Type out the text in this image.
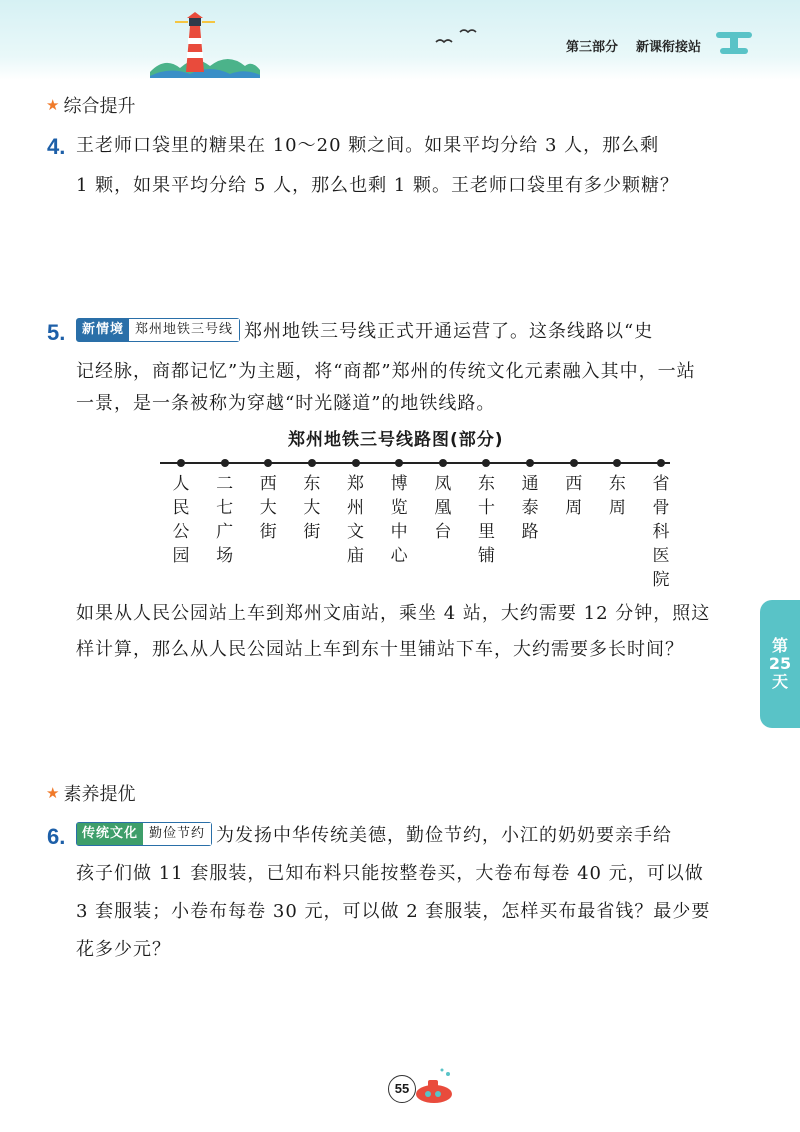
第三部分 新课衔接站
★ 综合提升
4. 王老师口袋里的糖果在 10～20 颗之间。如果平均分给 3 人，那么剩
1 颗，如果平均分给 5 人，那么也剩 1 颗。王老师口袋里有多少颗糖？
5.	新情境 郑州地铁三号线 郑州地铁三号线正式开通运营了。这条线路以“史
记经脉，商都记忆”为主题，将“商都”郑州的传统文化元素融入其中，一站
一景，是一条被称为穿越“时光隧道”的地铁线路。
郑州地铁三号线路图(部分)
人
民
公
园
二
七
广
场
西
大
街
东
大
街
郑
州
文
庙
博
览
中
心
凤
凰
台
东
十
里
铺
通
泰
路
西
周
东
周
省
骨
科
医
院
如果从人民公园站上车到郑州文庙站，乘坐 4 站，大约需要 12 分钟，照这
样计算，那么从人民公园站上车到东十里铺站下车，大约需要多长时间？	第
25
天
★ 素养提优
6.	传统文化 勤俭节约 为发扬中华传统美德，勤俭节约，小江的奶奶要亲手给
孩子们做 11 套服装，已知布料只能按整卷买，大卷布每卷 40 元，可以做
3 套服装；小卷布每卷 30 元，可以做 2 套服装，怎样买布最省钱？最少要
花多少元？
55
